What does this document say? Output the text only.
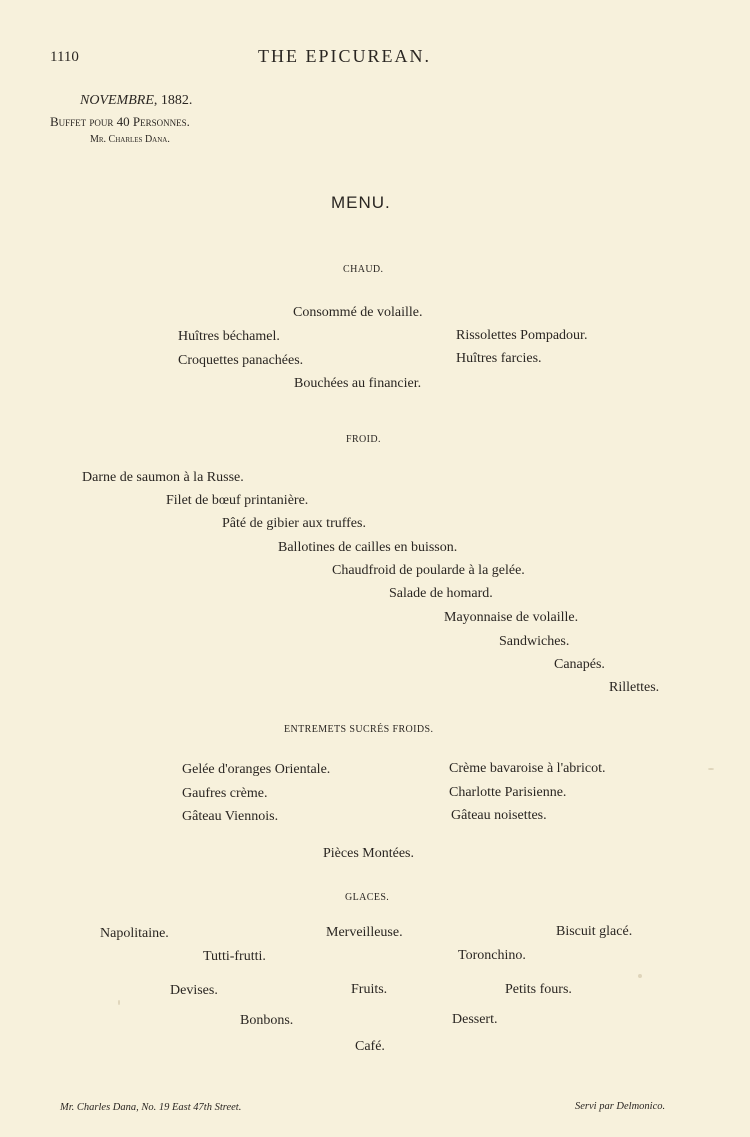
1110	THE EPICUREAN.
NOVEMBRE, 1882.
Buffet pour 40 Personnes.
Mr. Charles Dana.
MENU.
CHAUD.
Consommé de volaille.
Huîtres béchamel.	Rissolettes Pompadour.
Croquettes panachées.	Huîtres farcies.
Bouchées au financier.
FROID.
Darne de saumon à la Russe.
Filet de bœuf printanière.
Pâté de gibier aux truffes.
Ballotines de cailles en buisson.
Chaudfroid de poularde à la gelée.
Salade de homard.
Mayonnaise de volaille.
Sandwiches.
Canapés.
Rillettes.
ENTREMETS SUCRÉS FROIDS.
Gelée d'oranges Orientale.	Crème bavaroise à l'abricot.
Gaufres crème.	Charlotte Parisienne.
Gâteau Viennois.	Gâteau noisettes.
Pièces Montées.
GLACES.
Napolitaine.	Merveilleuse.	Biscuit glacé.
Tutti-frutti.	Toronchino.
Devises.	Fruits.	Petits fours.
Bonbons.	Dessert.
Café.
Mr. Charles Dana, No. 19 East 47th Street.	Servi par Delmonico.
